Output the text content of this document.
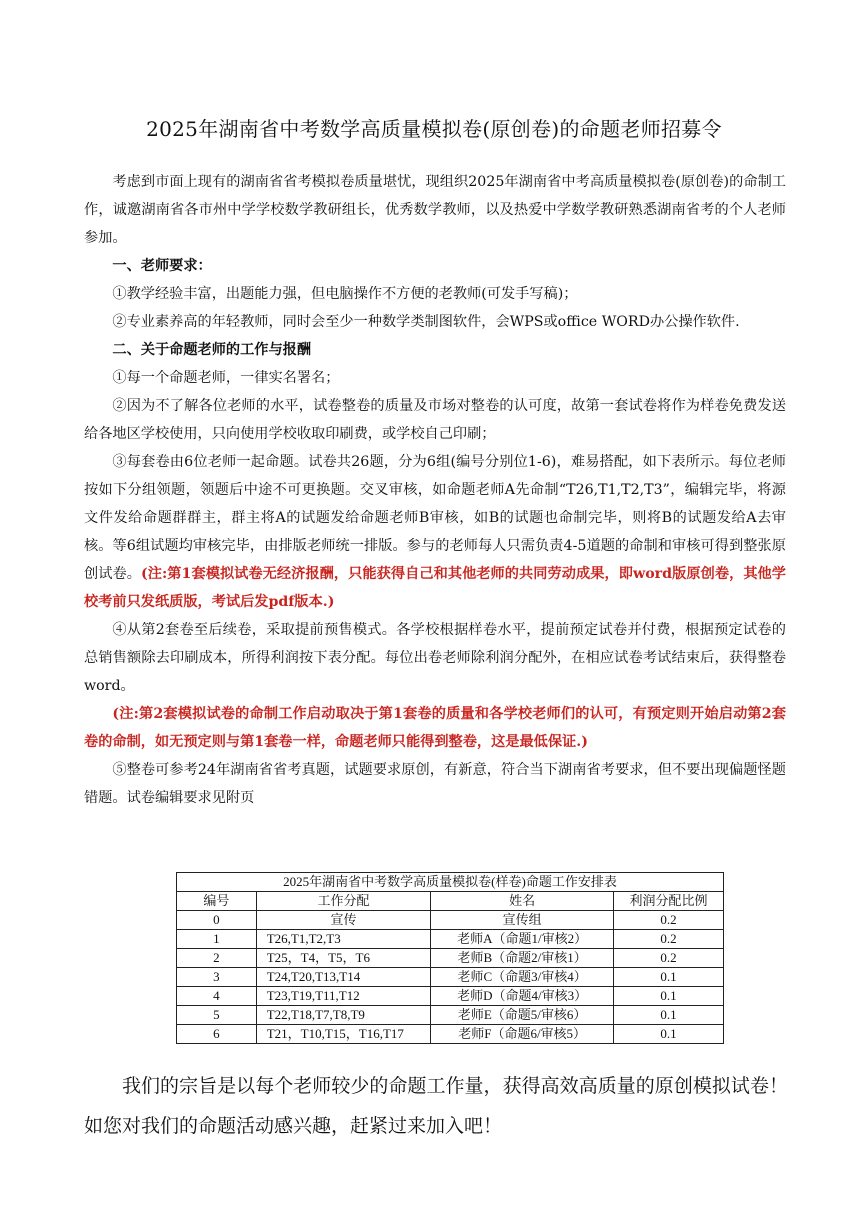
2025年湖南省中考数学高质量模拟卷(原创卷)的命题老师招募令

考虑到市面上现有的湖南省省考模拟卷质量堪忧，现组织2025年湖南省中考高质量模拟卷(原创卷)的命制工作，诚邀湖南省各市州中学学校数学教研组长，优秀数学教师，以及热爱中学数学教研熟悉湖南省考的个人老师参加。

一、老师要求：

①教学经验丰富，出题能力强，但电脑操作不方便的老教师(可发手写稿)；

②专业素养高的年轻教师，同时会至少一种数学类制图软件，会WPS或office WORD办公操作软件.

二、关于命题老师的工作与报酬

①每一个命题老师，一律实名署名；

②因为不了解各位老师的水平，试卷整卷的质量及市场对整卷的认可度，故第一套试卷将作为样卷免费发送给各地区学校使用，只向使用学校收取印刷费，或学校自己印刷；

③每套卷由6位老师一起命题。试卷共26题，分为6组(编号分别位1-6)，难易搭配，如下表所示。每位老师按如下分组领题，领题后中途不可更换题。交叉审核，如命题老师A先命制“T26,T1,T2,T3”，编辑完毕，将源文件发给命题群群主，群主将A的试题发给命题老师B审核，如B的试题也命制完毕，则将B的试题发给A去审核。等6组试题均审核完毕，由排版老师统一排版。参与的老师每人只需负责4-5道题的命制和审核可得到整张原创试卷。(注:第1套模拟试卷无经济报酬，只能获得自己和其他老师的共同劳动成果，即word版原创卷，其他学校考前只发纸质版，考试后发pdf版本.)

④从第2套卷至后续卷，采取提前预售模式。各学校根据样卷水平，提前预定试卷并付费，根据预定试卷的总销售额除去印刷成本，所得利润按下表分配。每位出卷老师除利润分配外，在相应试卷考试结束后，获得整卷word。

(注:第2套模拟试卷的命制工作启动取决于第1套卷的质量和各学校老师们的认可，有预定则开始启动第2套卷的命制，如无预定则与第1套卷一样，命题老师只能得到整卷，这是最低保证.)

⑤整卷可参考24年湖南省省考真题，试题要求原创，有新意，符合当下湖南省考要求，但不要出现偏题怪题错题。试卷编辑要求见附页

2025年湖南省中考数学高质量模拟卷(样卷)命题工作安排表			
编号	工作分配	姓名	利润分配比例
0	宣传	宣传组	0.2
1	T26,T1,T2,T3	老师A（命题1/审核2）	0.2
2	T25，T4，T5，T6	老师B（命题2/审核1）	0.2
3	T24,T20,T13,T14	老师C（命题3/审核4）	0.1
4	T23,T19,T11,T12	老师D（命题4/审核3）	0.1
5	T22,T18,T7,T8,T9	老师E（命题5/审核6）	0.1
6	T21，T10,T15，T16,T17	老师F（命题6/审核5）	0.1

我们的宗旨是以每个老师较少的命题工作量，获得高效高质量的原创模拟试卷！如您对我们的命题活动感兴趣，赶紧过来加入吧！
